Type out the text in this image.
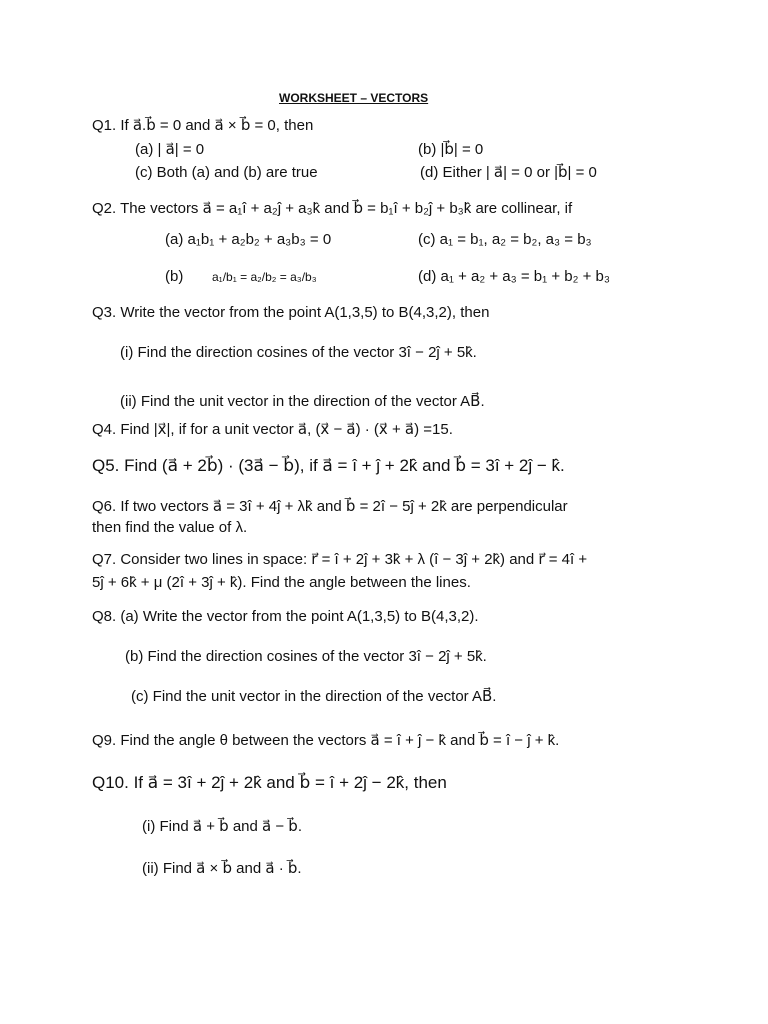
WORKSHEET – VECTORS
Q1. If a⃗.b⃗ = 0 and a⃗ × b⃗ = 0, then
(a) | a⃗| = 0	(b) |b⃗| = 0
(c) Both (a) and (b) are true	(d) Either | a⃗| = 0 or |b⃗| = 0
Q2. The vectors a⃗ = a₁î + a₂ĵ + a₃k̂ and b⃗ = b₁î + b₂ĵ + b₃k̂ are collinear, if
(a) a₁b₁ + a₂b₂ + a₃b₃ = 0	(c) a₁ = b₁, a₂ = b₂, a₃ = b₃
(b) a₁/b₁ = a₂/b₂ = a₃/b₃	(d) a₁ + a₂ + a₃ = b₁ + b₂ + b₃
Q3. Write the vector from the point A(1,3,5) to B(4,3,2), then
(i) Find the direction cosines of the vector 3î − 2ĵ + 5k̂.
(ii) Find the unit vector in the direction of the vector AB⃗.
Q4. Find |x⃗|, if for a unit vector a⃗, (x⃗ − a⃗) · (x⃗ + a⃗) =15.
Q5. Find (a⃗ + 2b⃗) · (3a⃗ − b⃗), if a⃗ = î + ĵ + 2k̂ and b⃗ = 3î + 2ĵ − k̂.
Q6. If two vectors a⃗ = 3î + 4ĵ + λk̂ and b⃗ = 2î − 5ĵ + 2k̂ are perpendicular
then find the value of λ.
Q7. Consider two lines in space: r⃗ = î + 2ĵ + 3k̂ + λ (î − 3ĵ + 2k̂) and r⃗ = 4î +
5ĵ + 6k̂ + μ (2î + 3ĵ + k̂). Find the angle between the lines.
Q8. (a) Write the vector from the point A(1,3,5) to B(4,3,2).
(b) Find the direction cosines of the vector 3î − 2ĵ + 5k̂.
(c) Find the unit vector in the direction of the vector AB⃗.
Q9. Find the angle θ between the vectors a⃗ = î + ĵ − k̂ and b⃗ = î − ĵ + k̂.
Q10. If a⃗ = 3î + 2ĵ + 2k̂ and b⃗ = î + 2ĵ − 2k̂, then
(i) Find a⃗ + b⃗ and a⃗ − b⃗.
(ii) Find a⃗ × b⃗ and a⃗ · b⃗.
